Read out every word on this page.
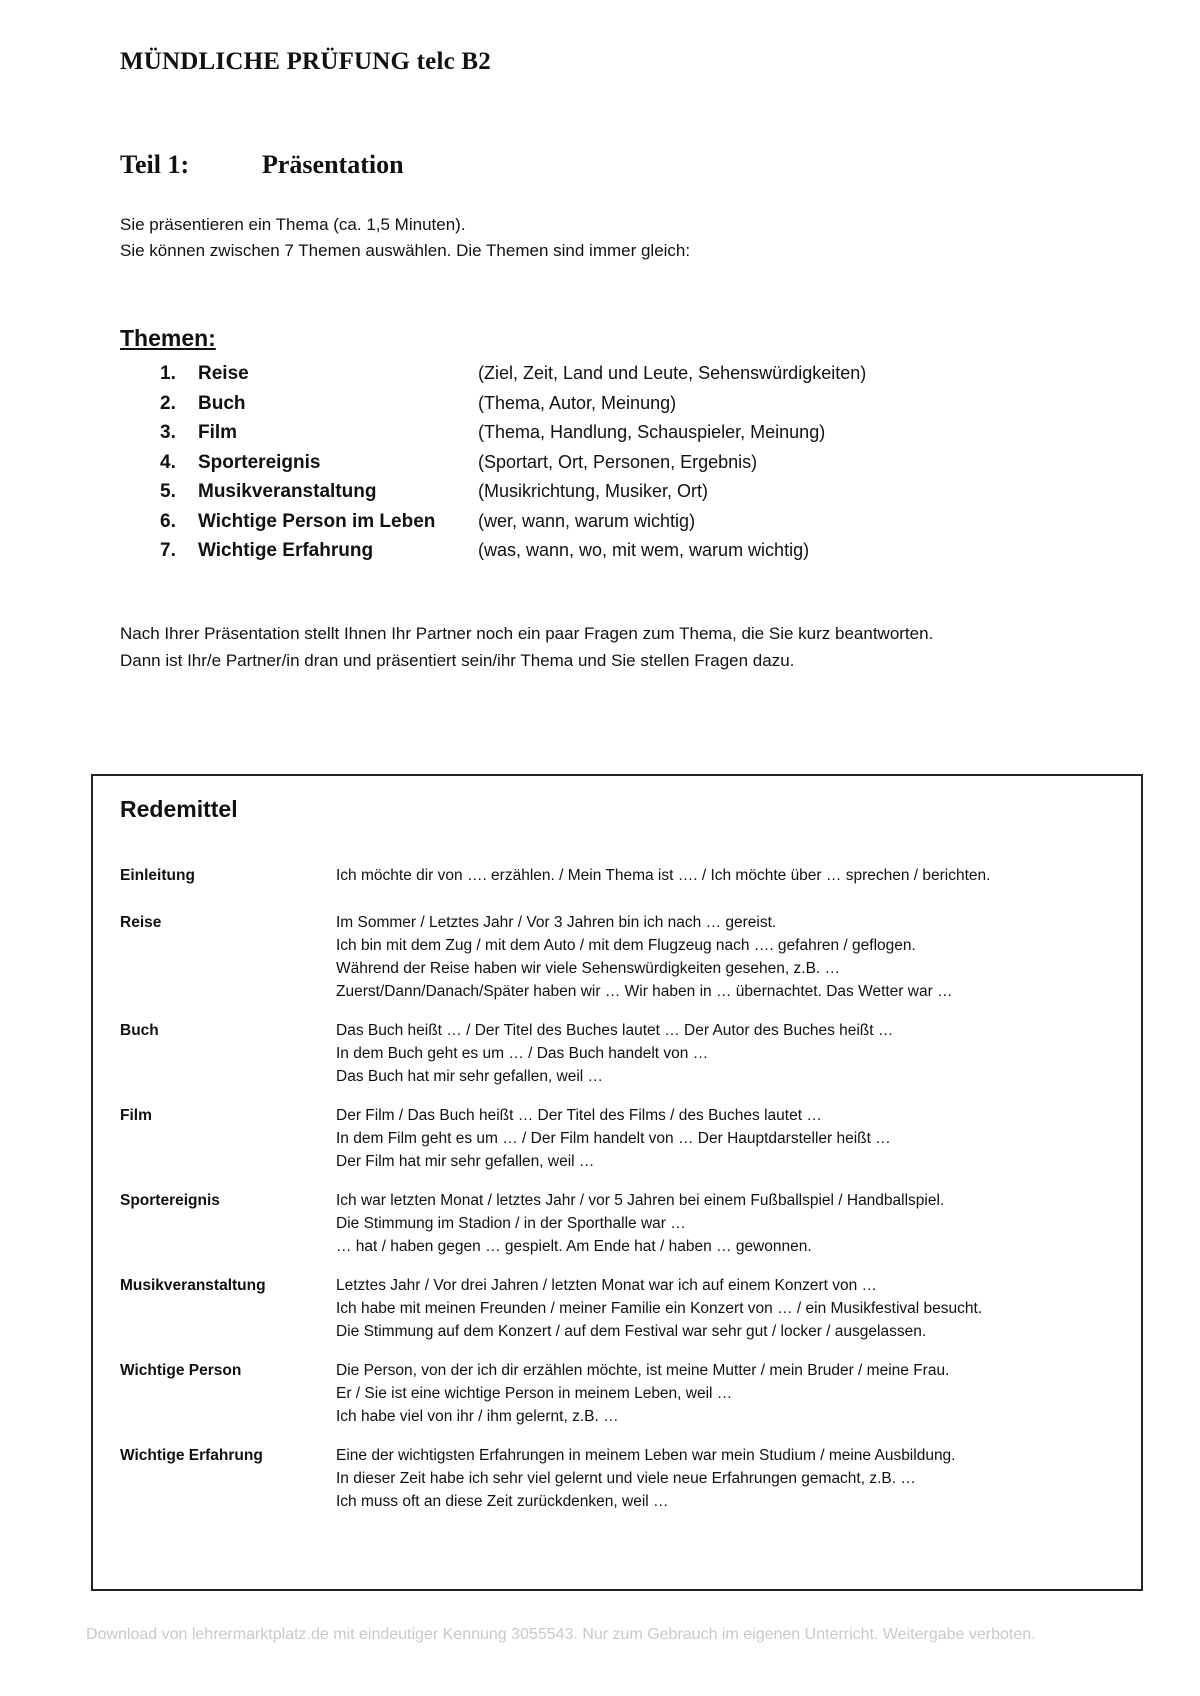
MÜNDLICHE PRÜFUNG telc B2
Teil 1:	Präsentation

Sie präsentieren ein Thema (ca. 1,5 Minuten).

Sie können zwischen 7 Themen auswählen. Die Themen sind immer gleich:

Themen:
1.	Reise	(Ziel, Zeit, Land und Leute, Sehenswürdigkeiten)
2.	Buch	(Thema, Autor, Meinung)
3.	Film	(Thema, Handlung, Schauspieler, Meinung)
4.	Sportereignis	(Sportart, Ort, Personen, Ergebnis)
5.	Musikveranstaltung	(Musikrichtung, Musiker, Ort)
6.	Wichtige Person im Leben	(wer, wann, warum wichtig)
7.	Wichtige Erfahrung	(was, wann, wo, mit wem, warum wichtig)

Nach Ihrer Präsentation stellt Ihnen Ihr Partner noch ein paar Fragen zum Thema, die Sie kurz beantworten.

Dann ist Ihr/e Partner/in dran und präsentiert sein/ihr Thema und Sie stellen Fragen dazu.

Redemittel
Einleitung	Ich möchte dir von …. erzählen. / Mein Thema ist …. / Ich möchte über … sprechen / berichten.
Reise	Im Sommer / Letztes Jahr / Vor 3 Jahren bin ich nach … gereist.
Ich bin mit dem Zug / mit dem Auto / mit dem Flugzeug nach …. gefahren / geflogen.
Während der Reise haben wir viele Sehenswürdigkeiten gesehen, z.B. …
Zuerst/Dann/Danach/Später haben wir … Wir haben in … übernachtet. Das Wetter war …
Buch	Das Buch heißt … / Der Titel des Buches lautet … Der Autor des Buches heißt …
In dem Buch geht es um … / Das Buch handelt von …
Das Buch hat mir sehr gefallen, weil …
Film	Der Film / Das Buch heißt … Der Titel des Films / des Buches lautet …
In dem Film geht es um … / Der Film handelt von … Der Hauptdarsteller heißt …
Der Film hat mir sehr gefallen, weil …
Sportereignis	Ich war letzten Monat / letztes Jahr / vor 5 Jahren bei einem Fußballspiel / Handballspiel.
Die Stimmung im Stadion / in der Sporthalle war …
… hat / haben gegen … gespielt. Am Ende hat / haben … gewonnen.
Musikveranstaltung	Letztes Jahr / Vor drei Jahren / letzten Monat war ich auf einem Konzert von …
Ich habe mit meinen Freunden / meiner Familie ein Konzert von … / ein Musikfestival besucht.
Die Stimmung auf dem Konzert / auf dem Festival war sehr gut / locker / ausgelassen.
Wichtige Person	Die Person, von der ich dir erzählen möchte, ist meine Mutter / mein Bruder / meine Frau.
Er / Sie ist eine wichtige Person in meinem Leben, weil …
Ich habe viel von ihr / ihm gelernt, z.B. …
Wichtige Erfahrung	Eine der wichtigsten Erfahrungen in meinem Leben war mein Studium / meine Ausbildung.
In dieser Zeit habe ich sehr viel gelernt und viele neue Erfahrungen gemacht, z.B. …
Ich muss oft an diese Zeit zurückdenken, weil …
Download von lehrermarktplatz.de mit eindeutiger Kennung 3055543. Nur zum Gebrauch im eigenen Unterricht. Weitergabe verboten.
